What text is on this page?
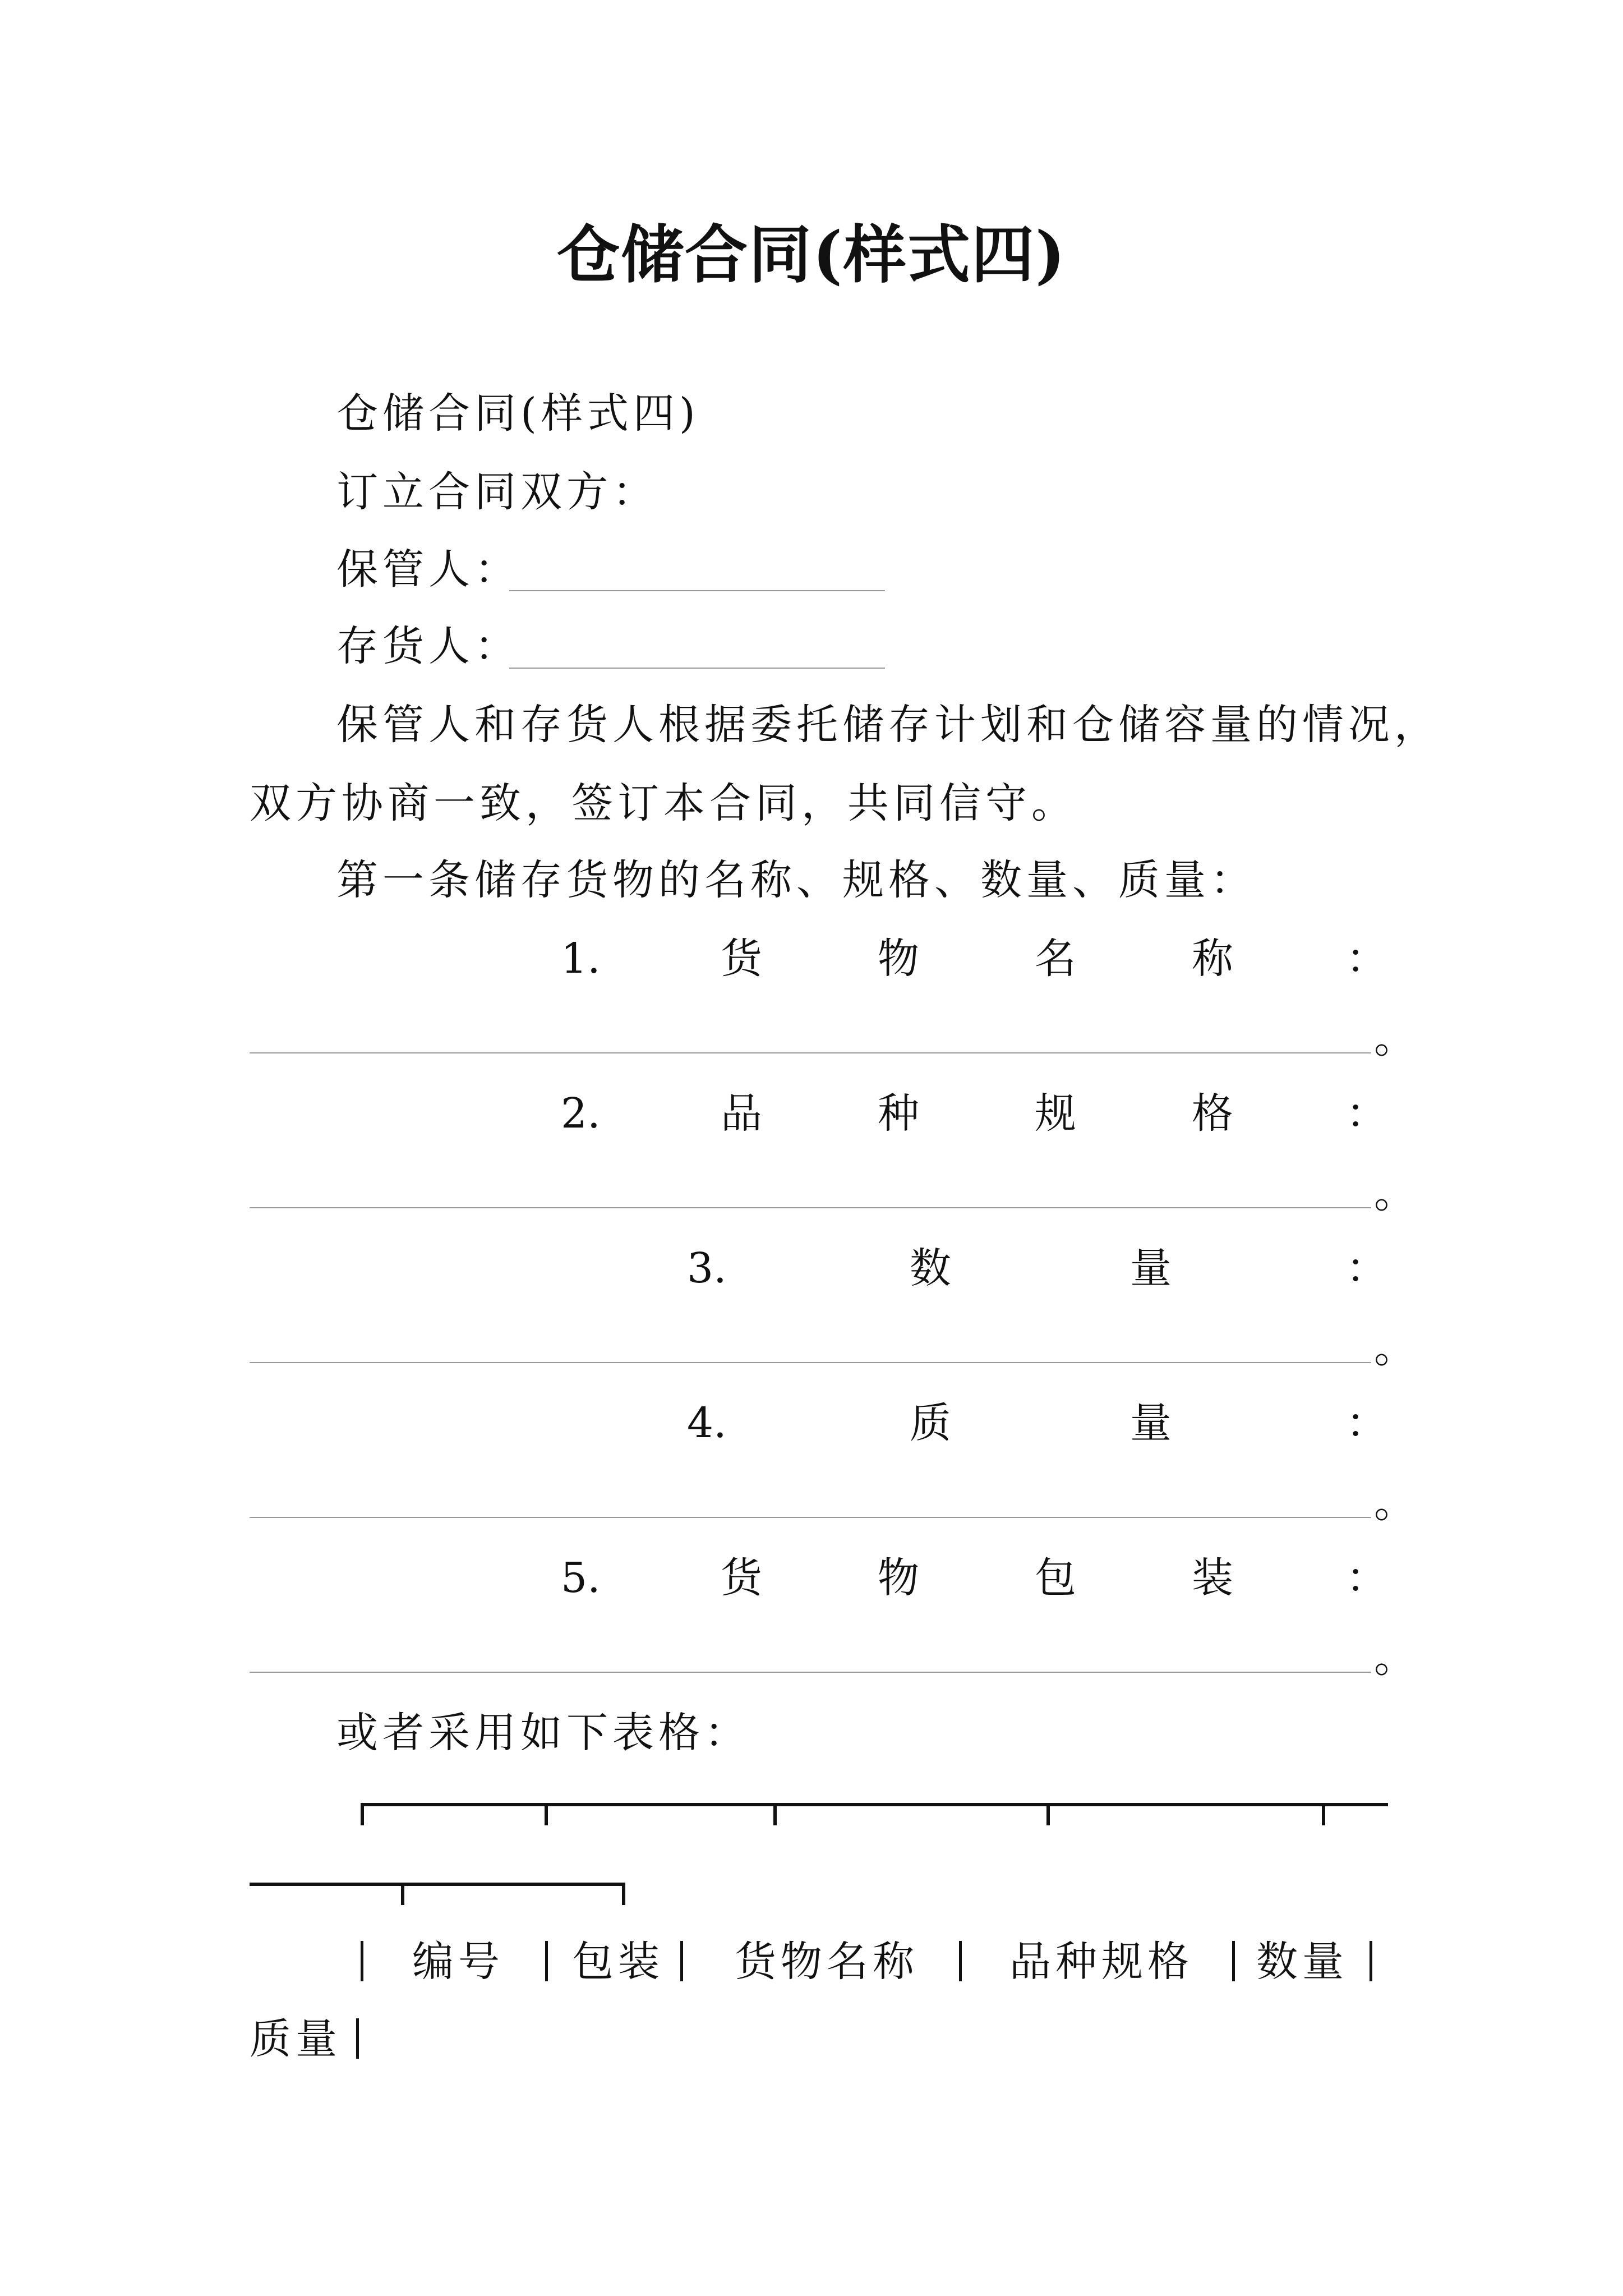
仓储合同(样式四)
仓储合同(样式四)
订立合同双方：
保管人：
存货人：
保管人和存货人根据委托储存计划和仓储容量的情况，
双方协商一致，签订本合同，共同信守。
第一条储存货物的名称、规格、数量、质量：
1.	货	物	名	称	：
。
2.	品	种	规	格	：
。
3.	数	量	：
。
4.	质	量	：
。
5.	货	物	包	装	：
。
或者采用如下表格：
编号 包装 货物名称 品种规格 数量
质量
